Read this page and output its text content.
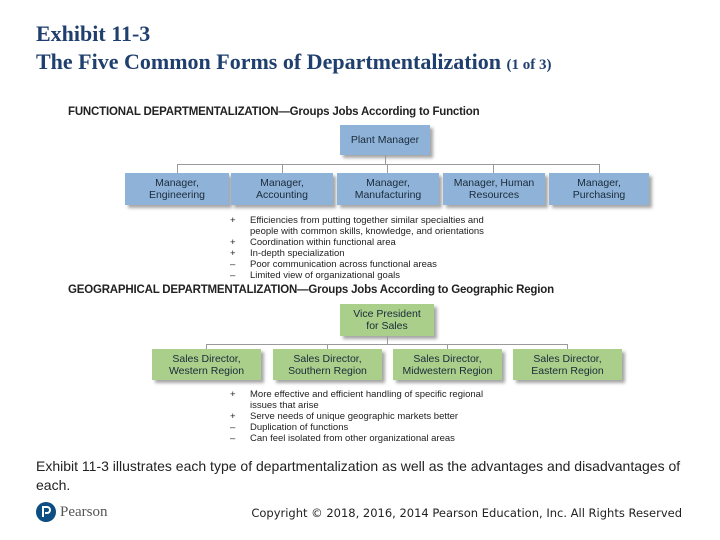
Exhibit 11-3
The Five Common Forms of Departmentalization (1 of 3)
FUNCTIONAL DEPARTMENTALIZATION—Groups Jobs According to Function
Plant Manager
Manager, Engineering
Manager, Accounting
Manager, Manufacturing
Manager, Human Resources
Manager, Purchasing
+	Efficiencies from putting together similar specialties and
people with common skills, knowledge, and orientations
+	Coordination within functional area
+	In-depth specialization
–	Poor communication across functional areas
–	Limited view of organizational goals
GEOGRAPHICAL DEPARTMENTALIZATION—Groups Jobs According to Geographic Region
Vice President for Sales
Sales Director, Western Region
Sales Director, Southern Region
Sales Director, Midwestern Region
Sales Director, Eastern Region
+	More effective and efficient handling of specific regional
issues that arise
+	Serve needs of unique geographic markets better
–	Duplication of functions
–	Can feel isolated from other organizational areas
Exhibit 11-3 illustrates each type of departmentalization as well as the advantages and disadvantages of each.
Pearson	Copyright © 2018, 2016, 2014 Pearson Education, Inc. All Rights Reserved
